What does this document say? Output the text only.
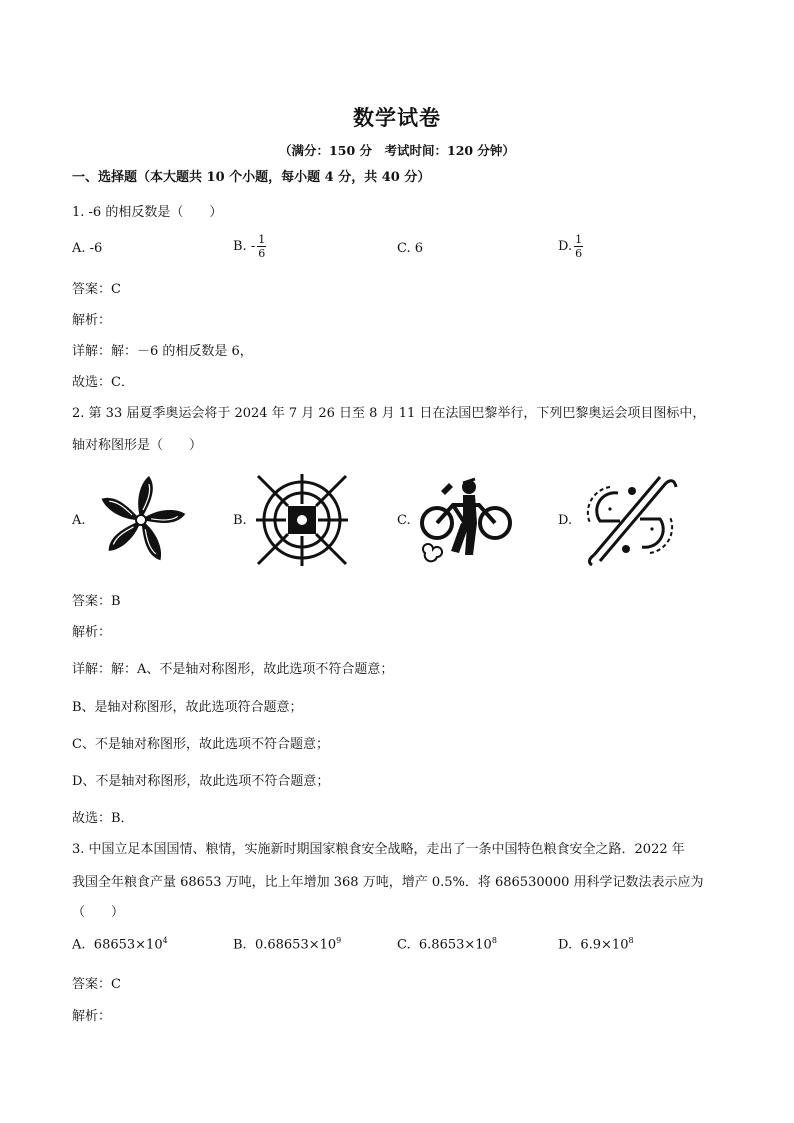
数学试卷
（满分：150 分　考试时间：120 分钟）
一、选择题（本大题共 10 个小题，每小题 4 分，共 40 分）
1. -6 的相反数是（　　）
A. -6	B. - $\frac{1}{6}$	C. 6	D. $\frac{1}{6}$
答案：C
解析：
详解：解：－6 的相反数是 6，
故选：C．
2. 第 33 届夏季奥运会将于 2024 年 7 月 26 日至 8 月 11 日在法国巴黎举行，下列巴黎奥运会项目图标中，
轴对称图形是（　　）
A.	B.	C.	D.
答案：B
解析：
详解：解：A、不是轴对称图形，故此选项不符合题意；
B、是轴对称图形，故此选项符合题意；
C、不是轴对称图形，故此选项不符合题意；
D、不是轴对称图形，故此选项不符合题意；
故选：B．
3. 中国立足本国国情、粮情，实施新时期国家粮食安全战略，走出了一条中国特色粮食安全之路．2022 年
我国全年粮食产量 68653 万吨，比上年增加 368 万吨，增产 0.5%．将 686530000 用科学记数法表示应为
（　　）
A. $68653\times 10^4$	B. $0.68653\times 10^9$	C. $6.8653\times 10^8$	D. $6.9\times 10^8$
答案：C
解析：
